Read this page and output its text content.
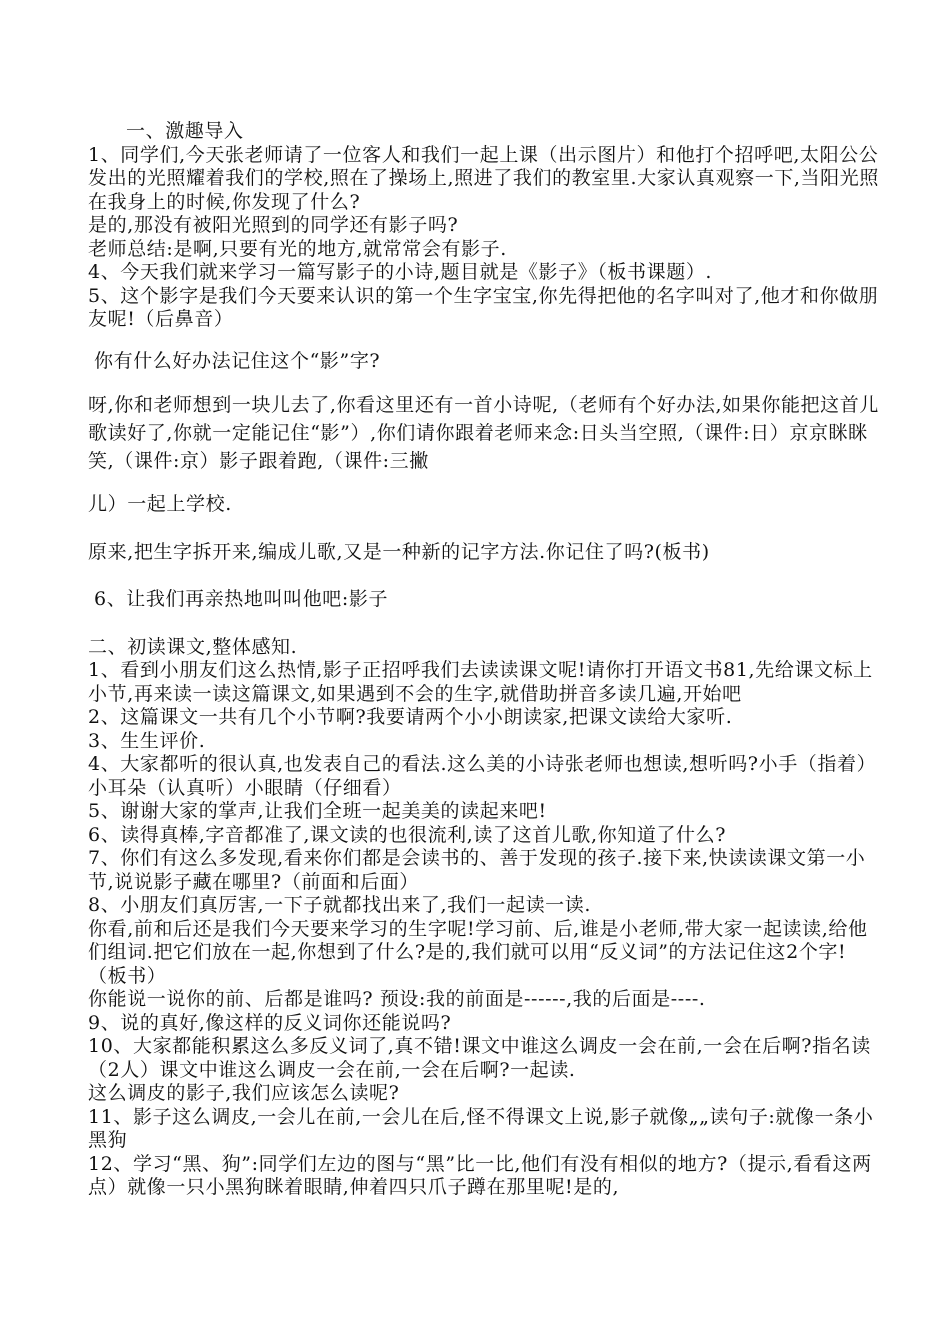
一、激趣导入

1、同学们,今天张老师请了一位客人和我们一起上课（出示图片）和他打个招呼吧,太阳公公发出的光照耀着我们的学校,照在了操场上,照进了我们的教室里.大家认真观察一下,当阳光照在我身上的时候,你发现了什么?

是的,那没有被阳光照到的同学还有影子吗?

老师总结:是啊,只要有光的地方,就常常会有影子.

4、今天我们就来学习一篇写影子的小诗,题目就是《影子》（板书课题）.

5、这个影字是我们今天要来认识的第一个生字宝宝,你先得把他的名字叫对了,他才和你做朋友呢!（后鼻音）

你有什么好办法记住这个“影”字?

呀,你和老师想到一块儿去了,你看这里还有一首小诗呢,（老师有个好办法,如果你能把这首儿歌读好了,你就一定能记住“影”）,你们请你跟着老师来念:日头当空照,（课件:日）京京眯眯笑,（课件:京）影子跟着跑,（课件:三撇

儿）一起上学校.

原来,把生字拆开来,编成儿歌,又是一种新的记字方法.你记住了吗?(板书)

6、让我们再亲热地叫叫他吧:影子

二、初读课文,整体感知.

1、看到小朋友们这么热情,影子正招呼我们去读读课文呢!请你打开语文书81,先给课文标上小节,再来读一读这篇课文,如果遇到不会的生字,就借助拼音多读几遍,开始吧

2、这篇课文一共有几个小节啊?我要请两个小小朗读家,把课文读给大家听.

3、生生评价.

4、大家都听的很认真,也发表自己的看法.这么美的小诗张老师也想读,想听吗?小手（指着）小耳朵（认真听）小眼睛（仔细看）

5、谢谢大家的掌声,让我们全班一起美美的读起来吧!

6、读得真棒,字音都准了,课文读的也很流利,读了这首儿歌,你知道了什么?

7、你们有这么多发现,看来你们都是会读书的、善于发现的孩子.接下来,快读读课文第一小节,说说影子藏在哪里?（前面和后面）

8、小朋友们真厉害,一下子就都找出来了,我们一起读一读.

你看,前和后还是我们今天要来学习的生字呢!学习前、后,谁是小老师,带大家一起读读,给他们组词.把它们放在一起,你想到了什么?是的,我们就可以用“反义词”的方法记住这2个字!（板书）

你能说一说你的前、后都是谁吗? 预设:我的前面是------,我的后面是----.

9、说的真好,像这样的反义词你还能说吗?

10、大家都能积累这么多反义词了,真不错!课文中谁这么调皮一会在前,一会在后啊?指名读（2人）课文中谁这么调皮一会在前,一会在后啊?一起读.

这么调皮的影子,我们应该怎么读呢?

11、影子这么调皮,一会儿在前,一会儿在后,怪不得课文上说,影子就像„„读句子:就像一条小黑狗

12、学习“黑、狗”:同学们左边的图与“黑”比一比,他们有没有相似的地方?（提示,看看这两点）就像一只小黑狗眯着眼睛,伸着四只爪子蹲在那里呢!是的,
